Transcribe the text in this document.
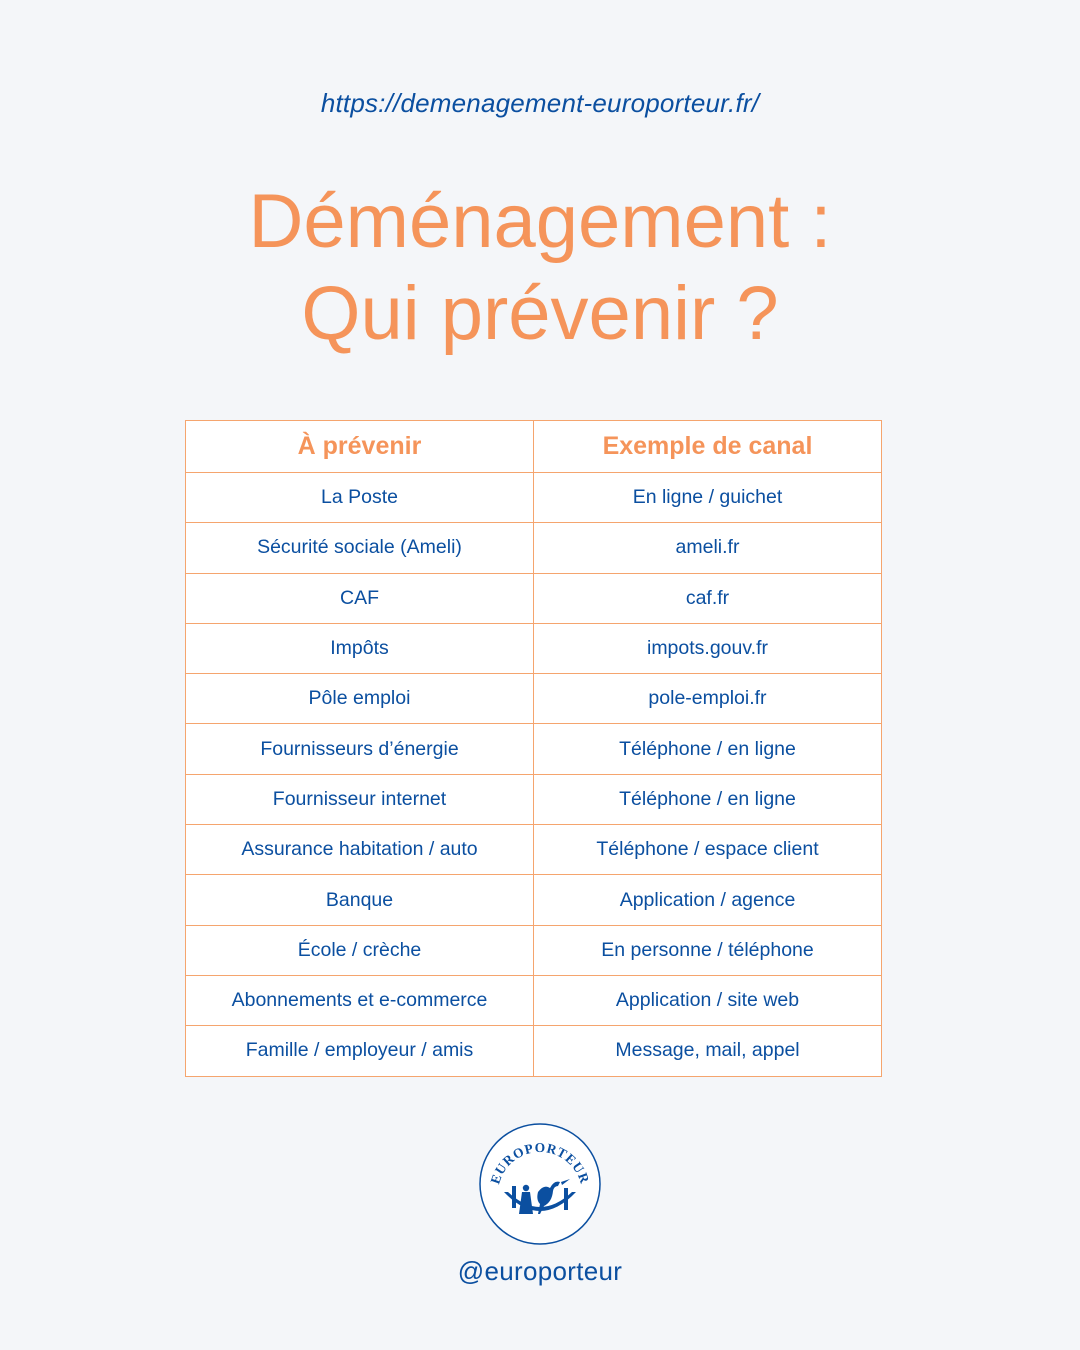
https://demenagement-europorteur.fr/
Déménagement :
Qui prévenir ?
À prévenir	Exemple de canal
La Poste	En ligne / guichet
Sécurité sociale (Ameli)	ameli.fr
CAF	caf.fr
Impôts	impots.gouv.fr
Pôle emploi	pole-emploi.fr
Fournisseurs d’énergie	Téléphone / en ligne
Fournisseur internet	Téléphone / en ligne
Assurance habitation / auto	Téléphone / espace client
Banque	Application / agence
École / crèche	En personne / téléphone
Abonnements et e-commerce	Application / site web
Famille / employeur / amis	Message, mail, appel
EUROPORTEUR
@europorteur
